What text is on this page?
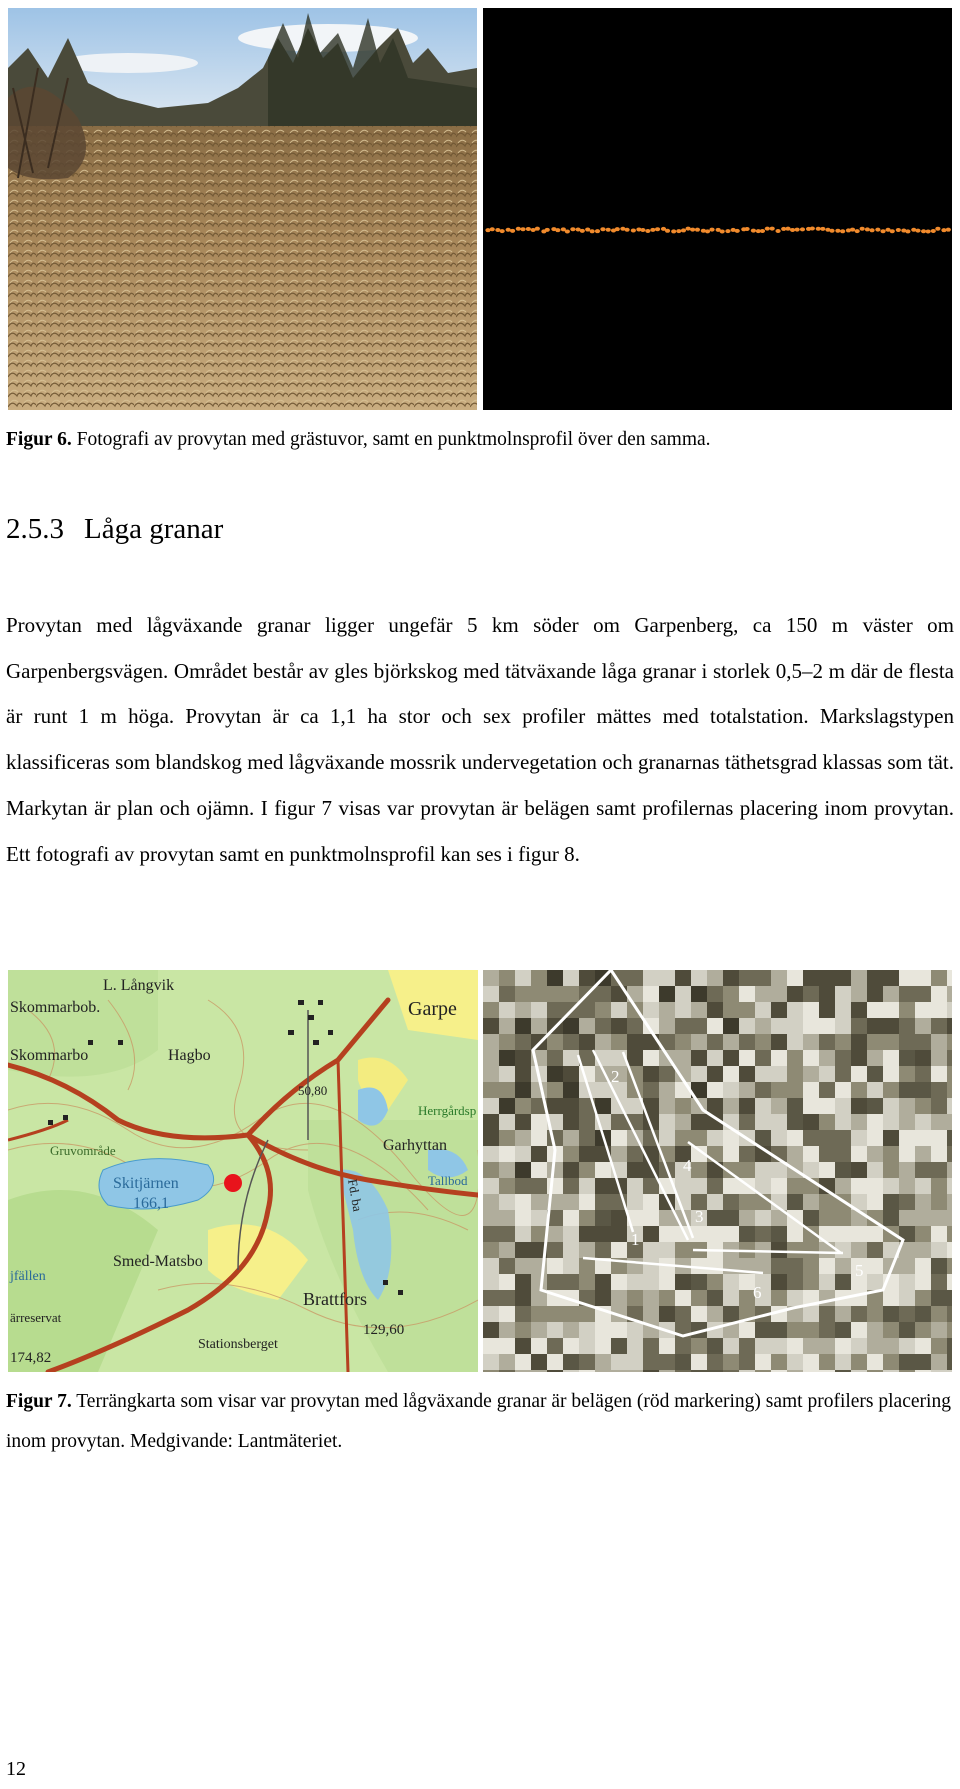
Figur 6. Fotografi av provytan med grästuvor, samt en punktmolnsprofil över den samma.
2.5.3 Låga granar
Provytan med lågväxande granar ligger ungefär 5 km söder om Garpenberg, ca 150 m väster om Garpenbergsvägen. Området består av gles björkskog med tätväxande låga granar i storlek 0,5–2 m där de flesta är runt 1 m höga. Provytan är ca 1,1 ha stor och sex profiler mättes med totalstation. Markslagstypen klassificeras som blandskog med lågväxande mossrik undervegetation och granarnas täthetsgrad klassas som tät. Markytan är plan och ojämn. I figur 7 visas var provytan är belägen samt profilernas placering inom provytan. Ett fotografi av provytan samt en punktmolnsprofil kan ses i figur 8.
L. Långvik
Skommarbob.
Skommarbo	Hagbo
Garpe
50,80
Herrgårdsp
Garhyttan
Tallbod
Gruvområde
Skitjärnen
166,1
Smed-Matsbo
Fd. ba
jfällen
ärreservat
Brattfors
Stationsberget
129,60
174,82
1
2
3
4
5
6
Figur 7. Terrängkarta som visar var provytan med lågväxande granar är belägen (röd markering) samt profilers placering inom provytan. Medgivande: Lantmäteriet.
12
